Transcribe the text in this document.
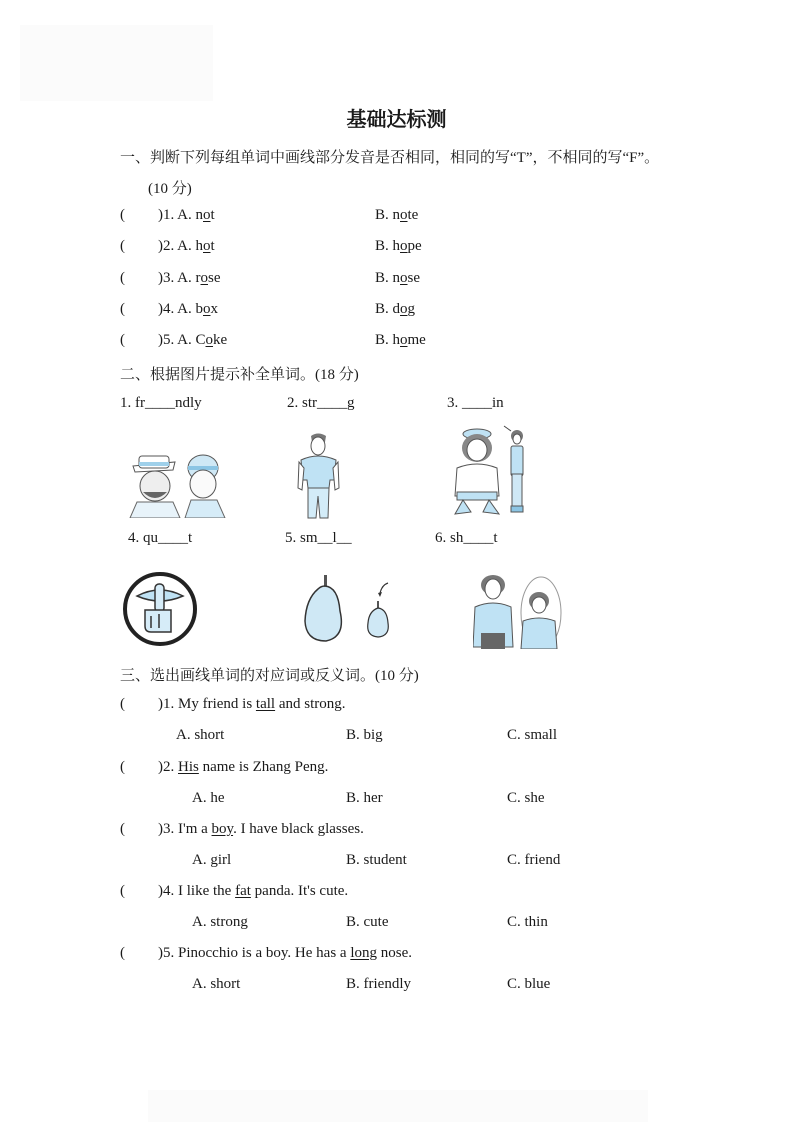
基础达标测
一、判断下列每组单词中画线部分发音是否相同，相同的写“T”，不相同的写“F”。
(10 分)
( )1. A. not	B. note
( )2. A. hot	B. hope
( )3. A. rose	B. nose
( )4. A. box	B. dog
( )5. A. Coke	B. home
二、根据图片提示补全单词。(18 分)
1. fr____ndly	2. str____g	3. ____in
4. qu____t	5. sm__l__	6. sh____t
三、选出画线单词的对应词或反义词。(10 分)
( )1. My friend is tall and strong.
A. short	B. big	C. small
( )2. His name is Zhang Peng.
A. he	B. her	C. she
( )3. I'm a boy. I have black glasses.
A. girl	B. student	C. friend
( )4. I like the fat panda. It's cute.
A. strong	B. cute	C. thin
( )5. Pinocchio is a boy. He has a long nose.
A. short	B. friendly	C. blue
